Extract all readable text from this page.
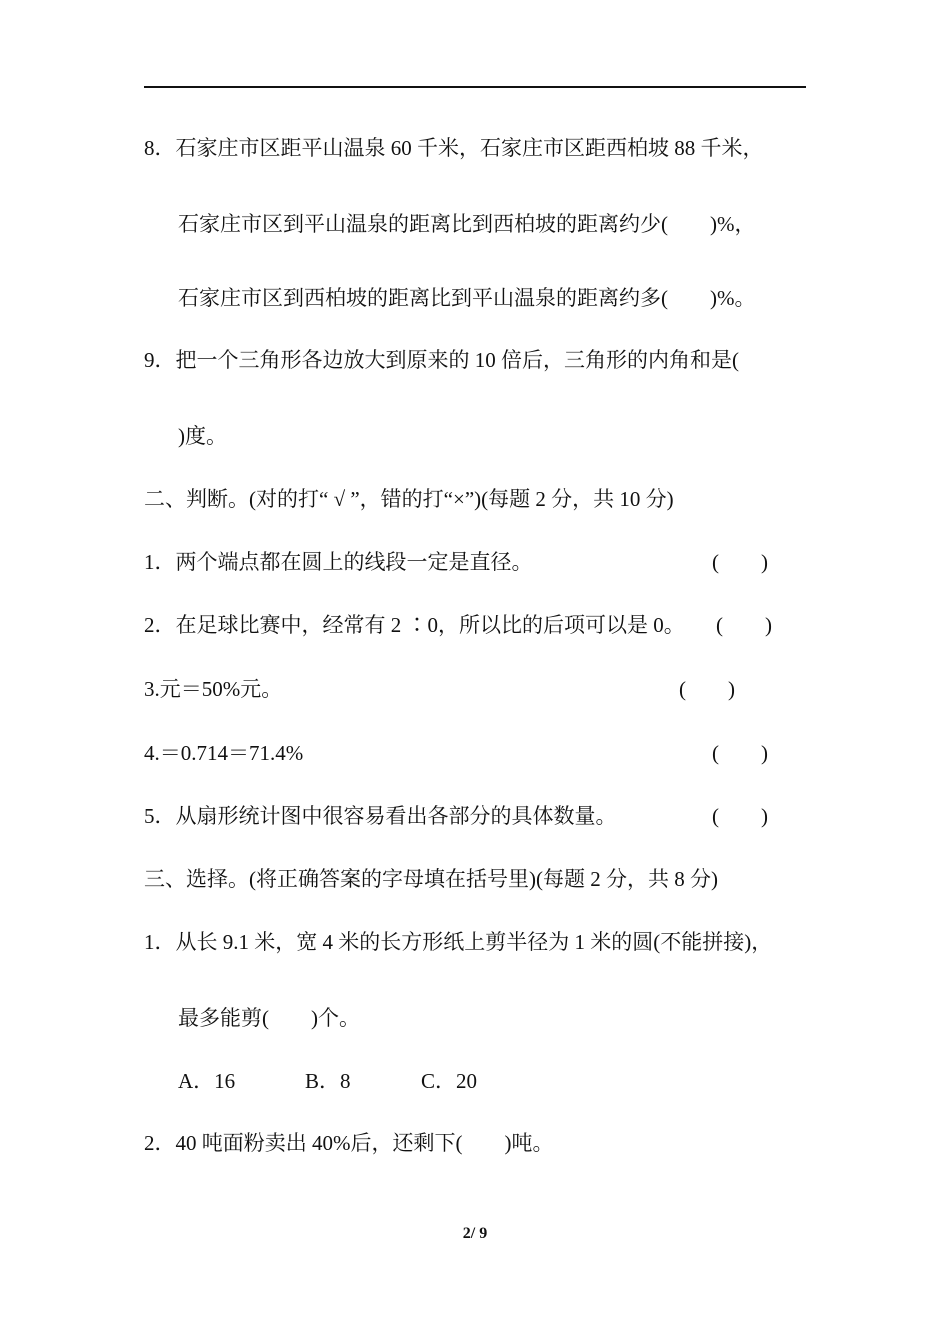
8．石家庄市区距平山温泉 60 千米，石家庄市区距西柏坡 88 千米，
石家庄市区到平山温泉的距离比到西柏坡的距离约少(　　)%，
石家庄市区到西柏坡的距离比到平山温泉的距离约多(　　)%。
9．把一个三角形各边放大到原来的 10 倍后，三角形的内角和是(
)度。
二、判断。(对的打“ √ ”，错的打“×”)(每题 2 分，共 10 分)
1．两个端点都在圆上的线段一定是直径。	(　　)
2．在足球比赛中，经常有 2 ∶0，所以比的后项可以是 0。 (　　)
3.元＝50%元。	(　　)
4.＝0.714＝71.4%	(　　)
5．从扇形统计图中很容易看出各部分的具体数量。	(　　)
三、选择。(将正确答案的字母填在括号里)(每题 2 分，共 8 分)
1．从长 9.1 米，宽 4 米的长方形纸上剪半径为 1 米的圆(不能拼接)，
最多能剪(　　)个。
A．16	B．8	C．20
2．40 吨面粉卖出 40%后，还剩下(　　)吨。
2/ 9
